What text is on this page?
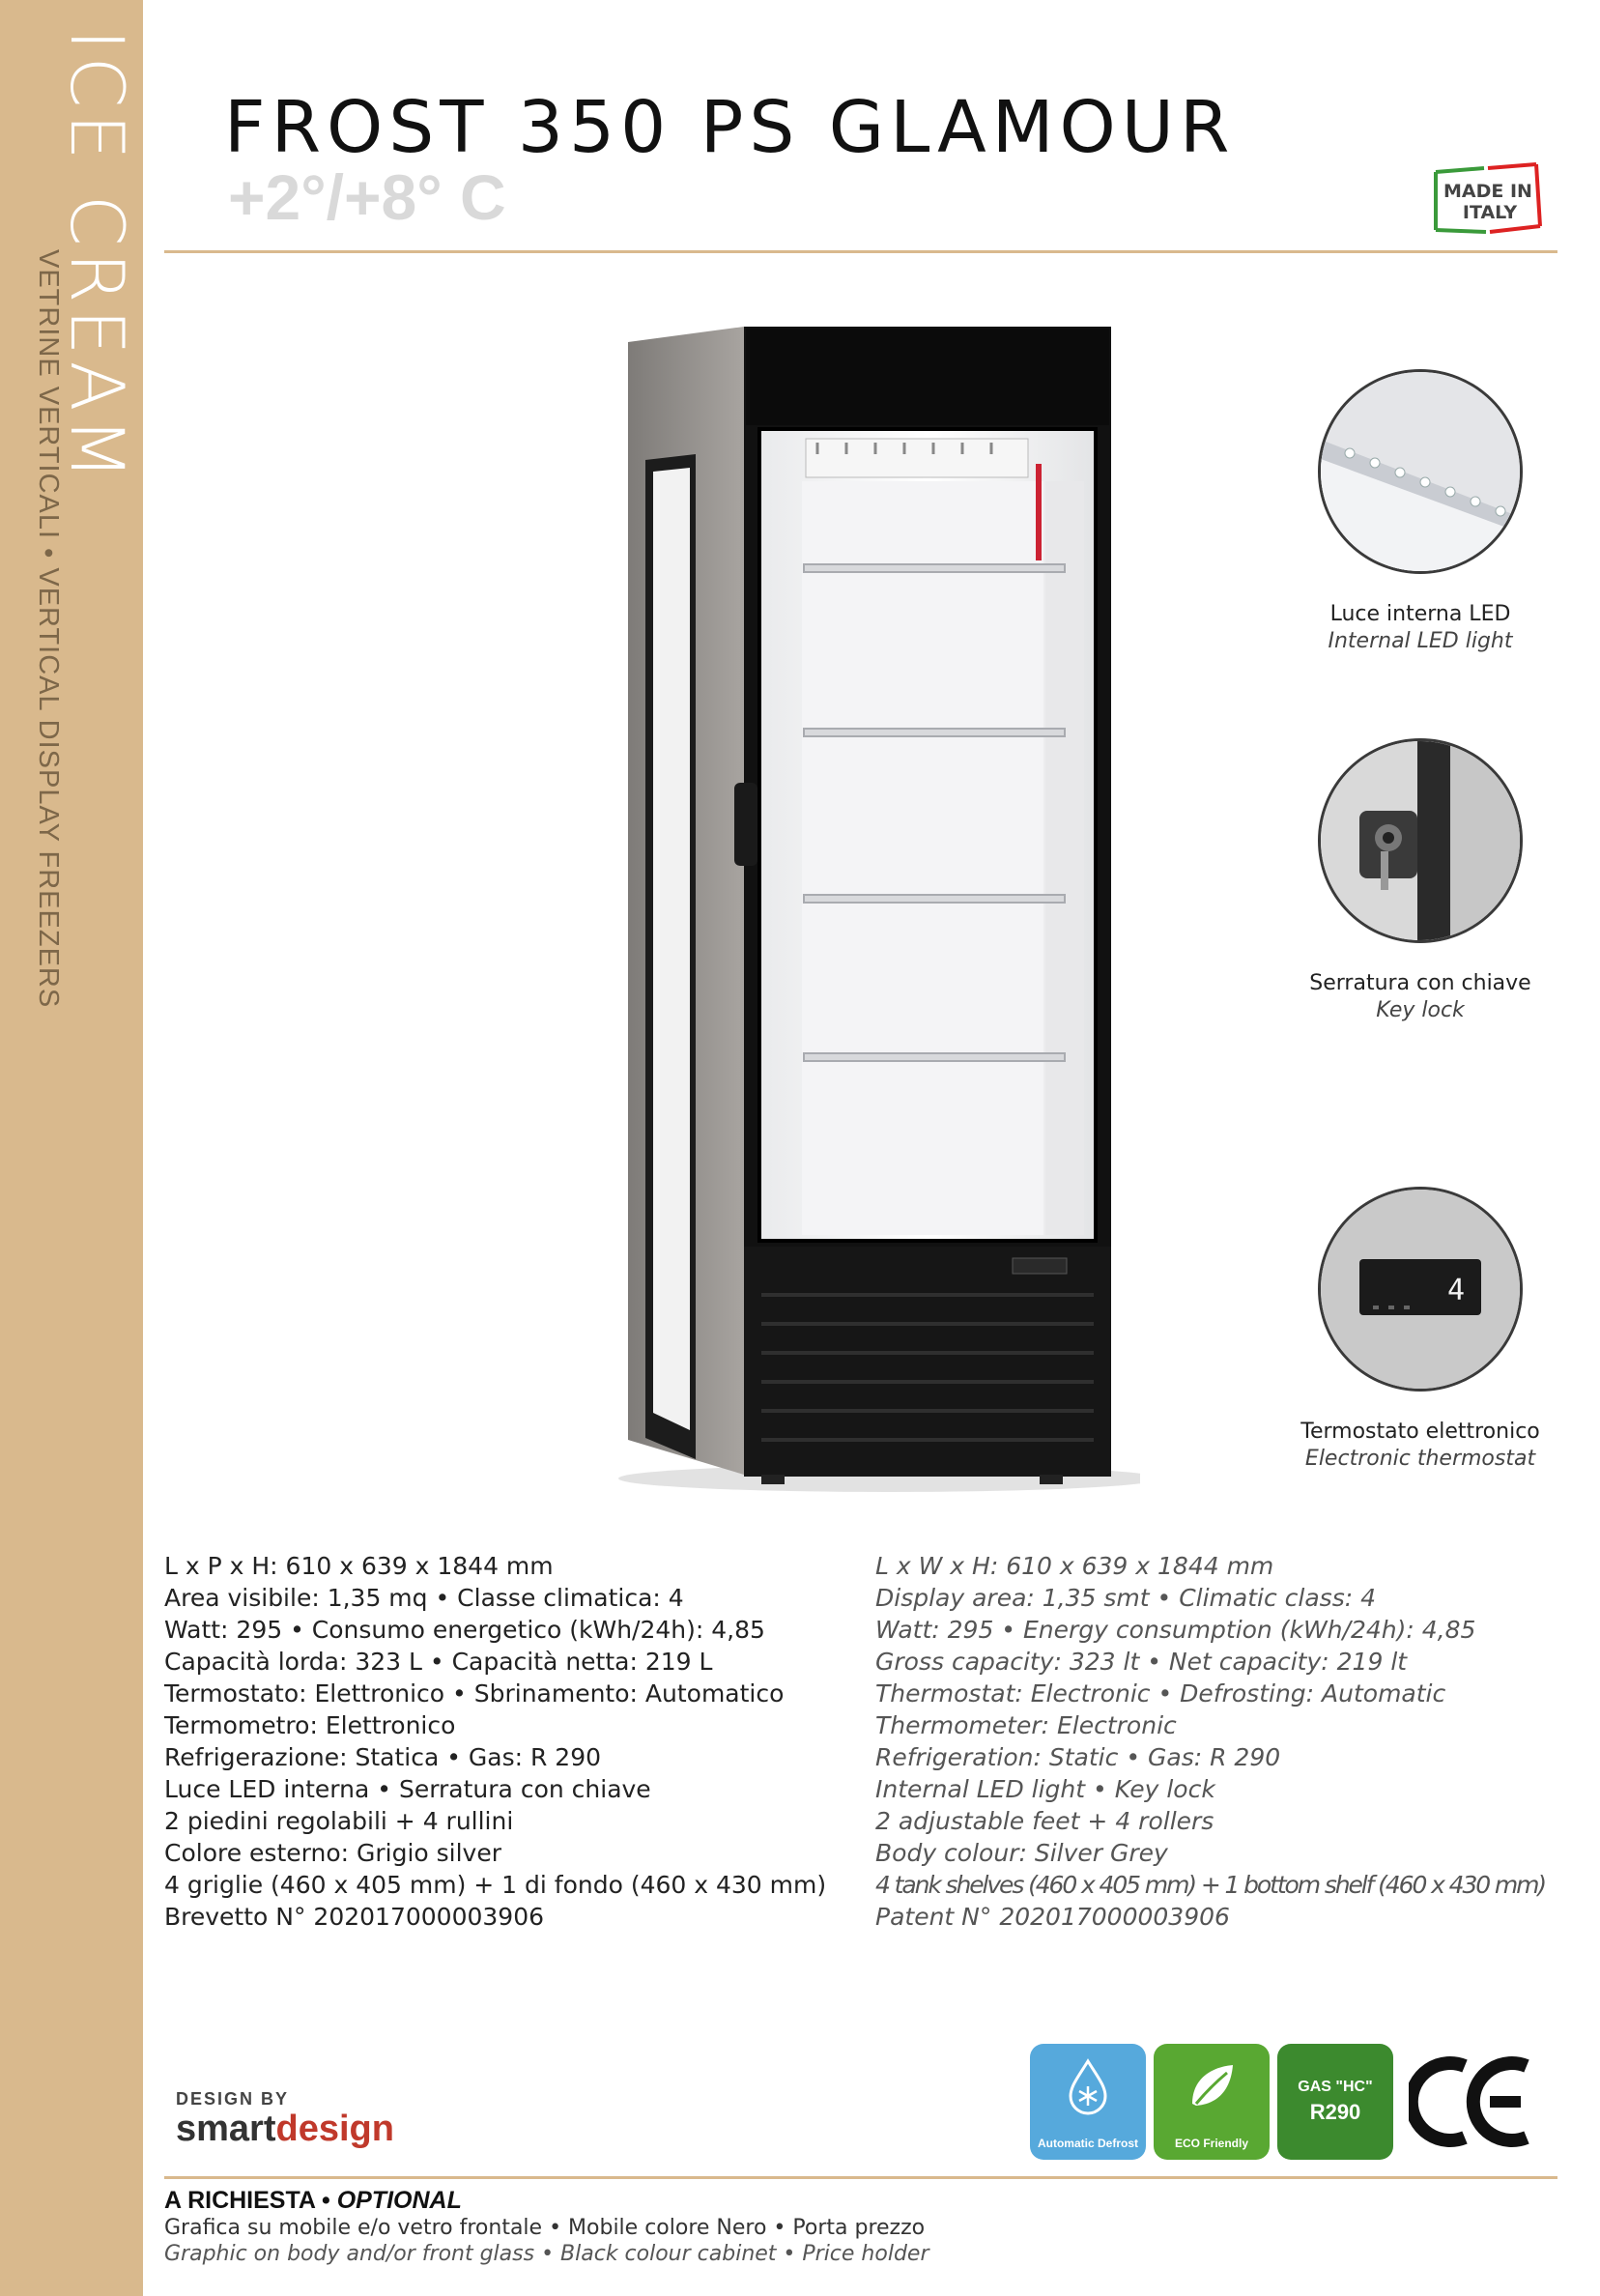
ICE CREAM
VETRINE VERTICALI • VERTICAL DISPLAY FREEZERS
FROST 350 PS GLAMOUR
+2°/+8° C	MADE IN
ITALY
Luce interna LED
Internal LED light
Serratura con chiave
Key lock
4
Termostato elettronico
Electronic thermostat
L x P x H: 610 x 639 x 1844 mm
Area visibile: 1,35 mq • Classe climatica: 4
Watt: 295 • Consumo energetico (kWh/24h): 4,85
Capacità lorda: 323 L • Capacità netta: 219 L
Termostato: Elettronico • Sbrinamento: Automatico
Termometro: Elettronico
Refrigerazione: Statica • Gas: R 290
Luce LED interna • Serratura con chiave
2 piedini regolabili + 4 rullini
Colore esterno: Grigio silver
4 griglie (460 x 405 mm) + 1 di fondo (460 x 430 mm)
Brevetto N° 202017000003906
L x W x H: 610 x 639 x 1844 mm
Display area: 1,35 smt • Climatic class: 4
Watt: 295 • Energy consumption (kWh/24h): 4,85
Gross capacity: 323 lt • Net capacity: 219 lt
Thermostat: Electronic • Defrosting: Automatic
Thermometer: Electronic
Refrigeration: Static • Gas: R 290
Internal LED light • Key lock
2 adjustable feet + 4 rollers
Body colour: Silver Grey
4 tank shelves (460 x 405 mm) + 1 bottom shelf (460 x 430 mm)
Patent N° 202017000003906
DESIGN BY
smartdesign	Automatic Defrost	ECO Friendly
GAS "HC"
R290
A RICHIESTA • OPTIONAL
Grafica su mobile e/o vetro frontale • Mobile colore Nero • Porta prezzo
Graphic on body and/or front glass • Black colour cabinet • Price holder
